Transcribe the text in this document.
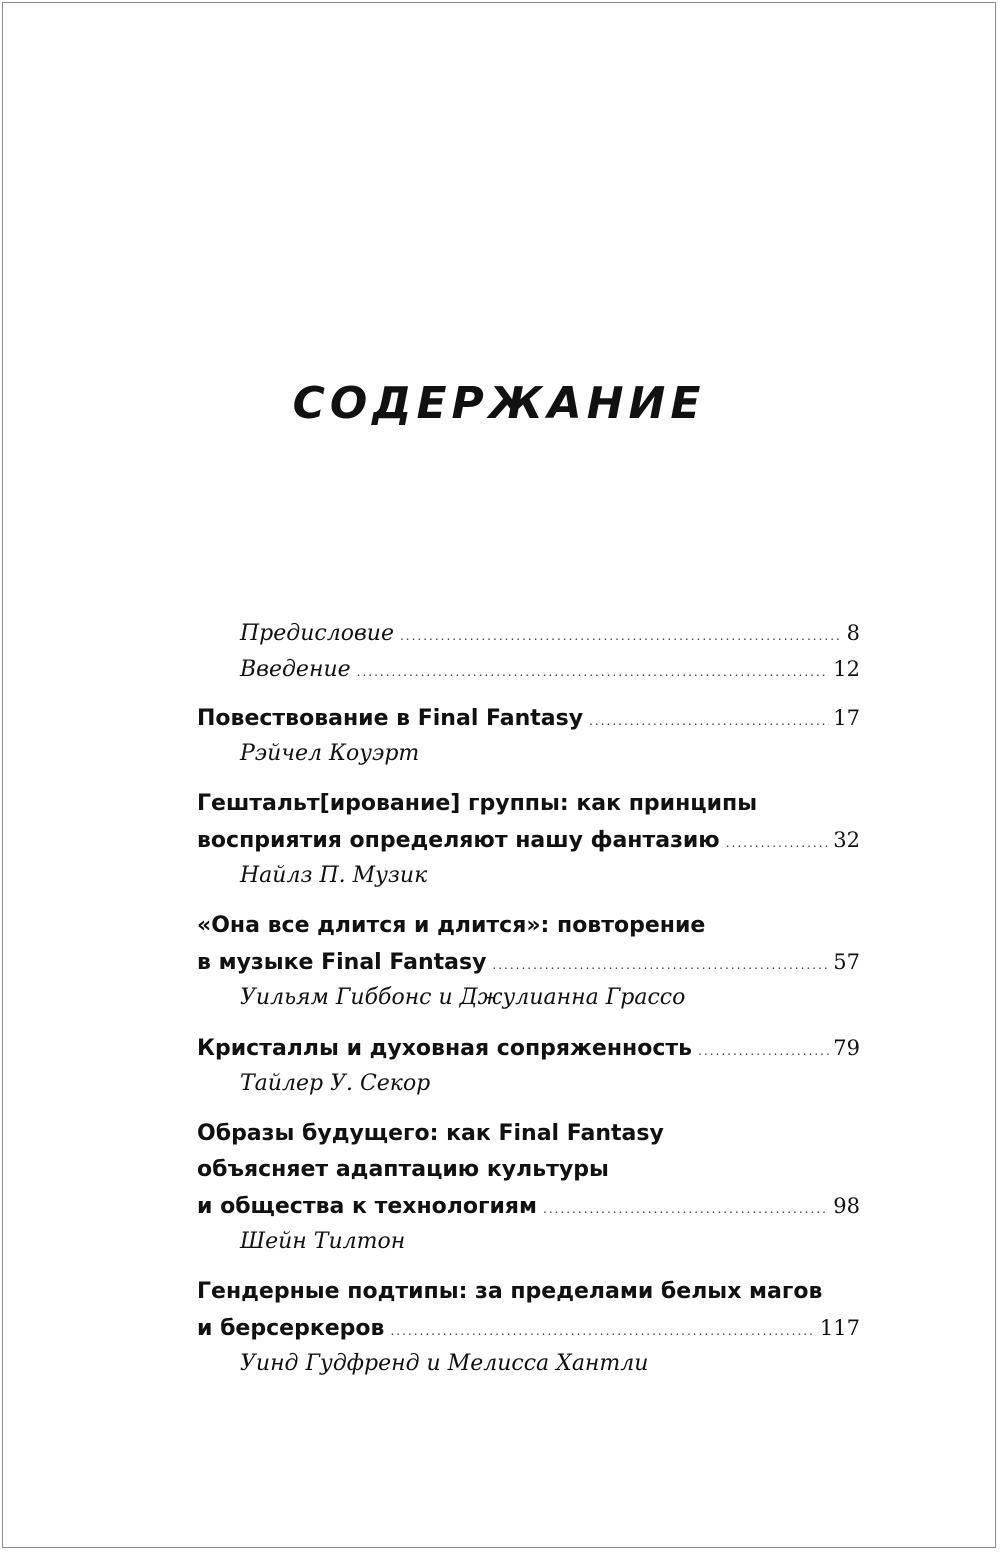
СОДЕРЖАНИЕ
Предисловие .....	8
Введение .....	12
Повествование в Final Fantasy .....	17
Рэйчел Коуэрт
Гештальт[ирование] группы: как принципы
восприятия определяют нашу фантазию .....	32
Найлз П. Музик
«Она все длится и длится»: повторение
в музыке Final Fantasy .....	57
Уильям Гиббонс и Джулианна Грассо
Кристаллы и духовная сопряженность .....	79
Тайлер У. Секор
Образы будущего: как Final Fantasy
объясняет адаптацию культуры
и общества к технологиям .....	98
Шейн Тилтон
Гендерные подтипы: за пределами белых магов
и берсеркеров .....	117
Уинд Гудфренд и Мелисса Хантли
